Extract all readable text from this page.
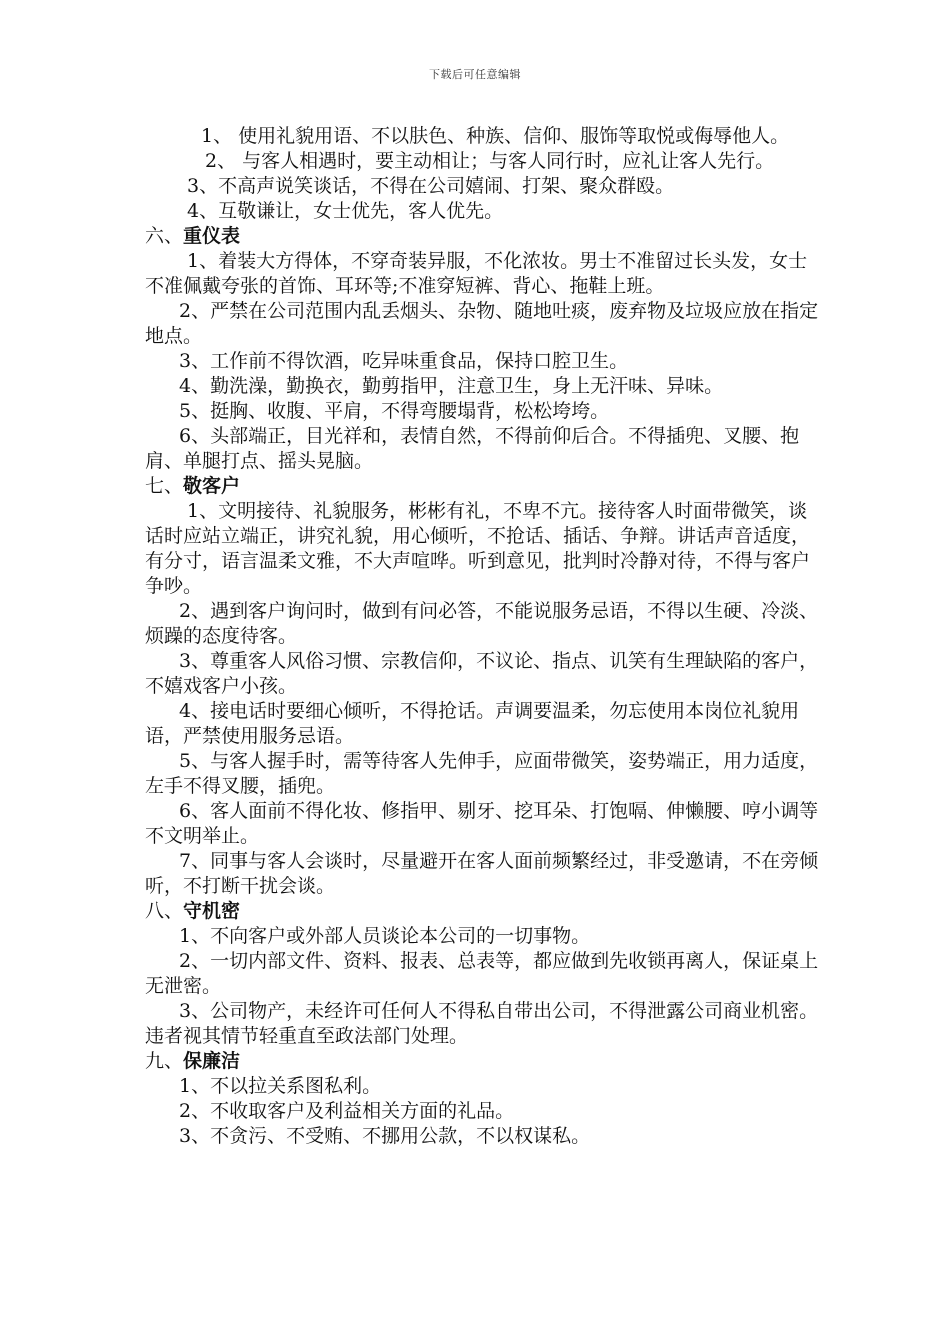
下载后可任意编辑

1、 使用礼貌用语、不以肤色、种族、信仰、服饰等取悦或侮辱他人。

2、 与客人相遇时，要主动相让；与客人同行时，应礼让客人先行。

3、不高声说笑谈话，不得在公司嬉闹、打架、聚众群殴。

4、互敬谦让，女士优先，客人优先。

六、重仪表

1、着装大方得体，不穿奇装异服，不化浓妆。男士不准留过长头发，女士不准佩戴夸张的首饰、耳环等;不准穿短裤、背心、拖鞋上班。

2、严禁在公司范围内乱丢烟头、杂物、随地吐痰，废弃物及垃圾应放在指定地点。

3、工作前不得饮酒，吃异味重食品，保持口腔卫生。

4、勤洗澡，勤换衣，勤剪指甲，注意卫生，身上无汗味、异味。

5、挺胸、收腹、平肩，不得弯腰塌背，松松垮垮。

6、头部端正，目光祥和，表情自然，不得前仰后合。不得插兜、叉腰、抱肩、单腿打点、摇头晃脑。

七、敬客户

1、文明接待、礼貌服务，彬彬有礼，不卑不亢。接待客人时面带微笑，谈话时应站立端正，讲究礼貌，用心倾听，不抢话、插话、争辩。讲话声音适度，有分寸，语言温柔文雅，不大声喧哗。听到意见，批判时冷静对待，不得与客户争吵。

2、遇到客户询问时，做到有问必答，不能说服务忌语，不得以生硬、冷淡、烦躁的态度待客。

3、尊重客人风俗习惯、宗教信仰，不议论、指点、讥笑有生理缺陷的客户，不嬉戏客户小孩。

4、接电话时要细心倾听，不得抢话。声调要温柔，勿忘使用本岗位礼貌用语，严禁使用服务忌语。

5、与客人握手时，需等待客人先伸手，应面带微笑，姿势端正，用力适度，左手不得叉腰，插兜。

6、客人面前不得化妆、修指甲、剔牙、挖耳朵、打饱嗝、伸懒腰、哼小调等不文明举止。

7、同事与客人会谈时，尽量避开在客人面前频繁经过，非受邀请，不在旁倾听，不打断干扰会谈。

八、守机密

1、不向客户或外部人员谈论本公司的一切事物。

2、一切内部文件、资料、报表、总表等，都应做到先收锁再离人，保证桌上无泄密。

3、公司物产，未经许可任何人不得私自带出公司，不得泄露公司商业机密。违者视其情节轻重直至政法部门处理。

九、保廉洁

1、不以拉关系图私利。

2、不收取客户及利益相关方面的礼品。

3、不贪污、不受贿、不挪用公款，不以权谋私。
